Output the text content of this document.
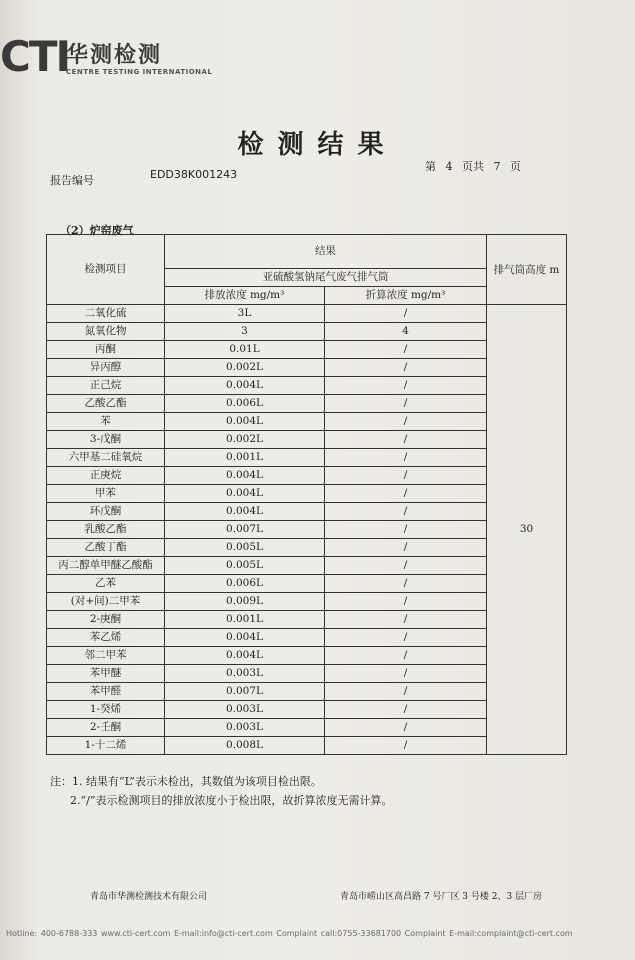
CTI
华测检测
CENTRE TESTING INTERNATIONAL
检测结果
报告编号	EDD38K001243
第 4 页共 7 页
（2）炉窑废气
检测项目	结果		排气筒高度 m
	亚硫酸氢钠尾气废气排气筒		
	排放浓度 mg/m³	折算浓度 mg/m³	
二氧化硫	3L	/	30
氮氧化物	3	4	
丙酮	0.01L	/	
异丙醇	0.002L	/	
正己烷	0.004L	/	
乙酸乙酯	0.006L	/	
苯	0.004L	/	
3-戊酮	0.002L	/	
六甲基二硅氧烷	0.001L	/	
正庚烷	0.004L	/	
甲苯	0.004L	/	
环戊酮	0.004L	/	
乳酸乙酯	0.007L	/	
乙酸丁酯	0.005L	/	
丙二醇单甲醚乙酸酯	0.005L	/	
乙苯	0.006L	/	
(对+间)二甲苯	0.009L	/	
2-庚酮	0.001L	/	
苯乙烯	0.004L	/	
邻二甲苯	0.004L	/	
苯甲醚	0.003L	/	
苯甲醛	0.007L	/	
1-癸烯	0.003L	/	
2-壬酮	0.003L	/	
1-十二烯	0.008L	/	
注：1. 结果有“L”表示未检出，其数值为该项目检出限。
2.“/”表示检测项目的排放浓度小于检出限，故折算浓度无需计算。
青岛市华测检测技术有限公司	青岛市崂山区高昌路 7 号厂区 3 号楼 2、3 层厂房
Hotline: 400-6788-333 www.cti-cert.com E-mail:info@cti-cert.com Complaint call:0755-33681700 Complaint E-mail:complaint@cti-cert.com
